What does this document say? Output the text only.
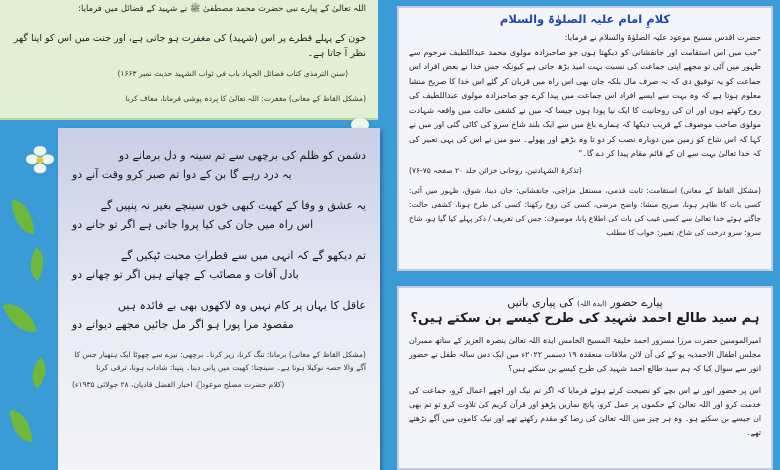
اللہ تعالیٰ کے پیارے نبی حضرت محمد مصطفیٰ ﷺ نے شہید کے فضائل میں فرمایا:

خون کے پہلے قطرے پر اس (شہید) کی مغفرت ہو جاتی ہے، اور جنت میں اس کو اپنا گھر نظر آ جاتا ہے۔

(سنن الترمذی کتاب فضائل الجہاد باب فی ثواب الشہید حدیث نمبر ۱۶۶۳)

(مشکل الفاظ کے معانی) مغفرت: اللہ تعالیٰ کا پردہ پوشی فرمانا، معاف کرنا

دشمن کو ظلم کی برچھی سے تم سینہ و دل برمانے دو
یہ درد رہے گا بن کے دوا تم صبر کرو وقت آنے دو
یہ عشق و وفا کے کھیت کبھی خوں سینچے بغیر نہ پنپیں گے
اس راہ میں جان کی کیا پروا جاتی ہے اگر تو جانے دو
تم دیکھو گے کہ انہی میں سے قطراتِ محبت ٹپکیں گے
بادل آفات و مصائب کے چھاتے ہیں اگر تو چھانے دو
عاقل کا یہاں پر کام نہیں وہ لاکھوں بھی بے فائدہ ہیں
مقصود مرا پورا ہو اگر مل جائیں مجھے دیوانے دو

(مشکل الفاظ کے معانی) برمانا: تنگ کرنا، زیر کرنا۔ برچھی: نیزے سے چھوٹا ایک ہتھیار جس کا آگے والا حصہ نوکیلا ہوتا ہے۔ سینچنا: کھیت میں پانی دینا۔ پنپنا: شاداب ہونا، ترقی کرنا

(کلام حضرت مصلح موعودؓ، اخبار الفضل قادیان، ۲۸ جولائی ۱۹۳۵ء)

کلامِ امام علیہ الصلوٰۃ والسلام

حضرت اقدس مسیح موعود علیہ الصلوٰۃ والسلام نے فرمایا:

"جب میں اس استقامت اور جانفشانی کو دیکھتا ہوں جو صاحبزادہ مولوی محمد عبداللطیف مرحوم سے ظہور میں آئی تو مجھے اپنی جماعت کی نسبت بہت امید بڑھ جاتی ہے کیونکہ جس خدا نے بعض افراد اس جماعت کو یہ توفیق دی کہ نہ صرف مال بلکہ جان بھی اس راہ میں قربان کر گئے اس خدا کا صریح منشا معلوم ہوتا ہے کہ وہ بہت سے ایسے افراد اس جماعت میں پیدا کرے جو صاحبزادہ مولوی عبداللطیف کی روح رکھتے ہوں اور ان کی روحانیت کا ایک نیا پودا ہوں جیسا کہ میں نے کشفی حالت میں واقعہ شہادت مولوی صاحب موصوف کے قریب دیکھا کہ ہمارے باغ میں سے ایک بلند شاخ سرو کی کاٹی گئی اور میں نے کہا کہ اس شاخ کو زمین میں دوبارہ نصب کر دو تا وہ بڑھے اور پھولے۔ سو میں نے اس کی یہی تعبیر کی کہ خدا تعالیٰ بہت سے ان کے قائم مقام پیدا کر دے گا۔"

(تذکرۃ الشہادتین، روحانی خزائن جلد ۲۰ صفحہ ۷۵-۷۶)

(مشکل الفاظ کے معانی) استقامت: ثابت قدمی، مستقل مزاجی، جانفشانی: جان دینا، شوق، ظہور میں آئی: کسی بات کا ظاہر ہونا، صریح منشا: واضح مرضی، کسی کی روح رکھنا: کسی کی طرح ہونا، کشفی حالت: جاگتے ہوئے خدا تعالیٰ سے کسی غیب کی بات کی اطلاع پانا، موصوف: جس کی تعریف / ذکر پہلے کیا گیا ہو، شاخ سرو: سرو درخت کی شاخ، تعبیر: خواب کا مطلب

پیارے حضور (ایدہ اللہ) کی پیاری باتیں
ہم سید طالع احمد شہید کی طرح کیسے بن سکتے ہیں؟

امیرالمومنین حضرت مرزا مسرور احمد خلیفۃ المسیح الخامس ایدہ اللہ تعالیٰ بنصرہ العزیز کے ساتھ ممبران مجلس اطفال الاحمدیہ یو کے کی آن لائن ملاقات منعقدہ ۱۹ دسمبر ۲۰۲۲ء میں ایک دس سالہ طفل نے حضور انور سے سوال کیا کہ ہم سید طالع احمد شہید کی طرح کیسے بن سکتے ہیں؟

اس پر حضور انور نے اس بچے کو نصیحت کرتے ہوئے فرمایا کہ اگر تم نیک اور اچھے اعمال کرو، جماعت کی خدمت کرو اور اللہ تعالیٰ کے حکموں پر عمل کرو، پانچ نمازیں پڑھو اور قرآن کریم کی تلاوت کرو تو تم بھی ان جیسے بن سکتے ہو۔ وہ ہر چیز میں اللہ تعالیٰ کی رضا کو مقدم رکھتے تھے اور نیک کاموں میں آگے بڑھتے تھے۔
